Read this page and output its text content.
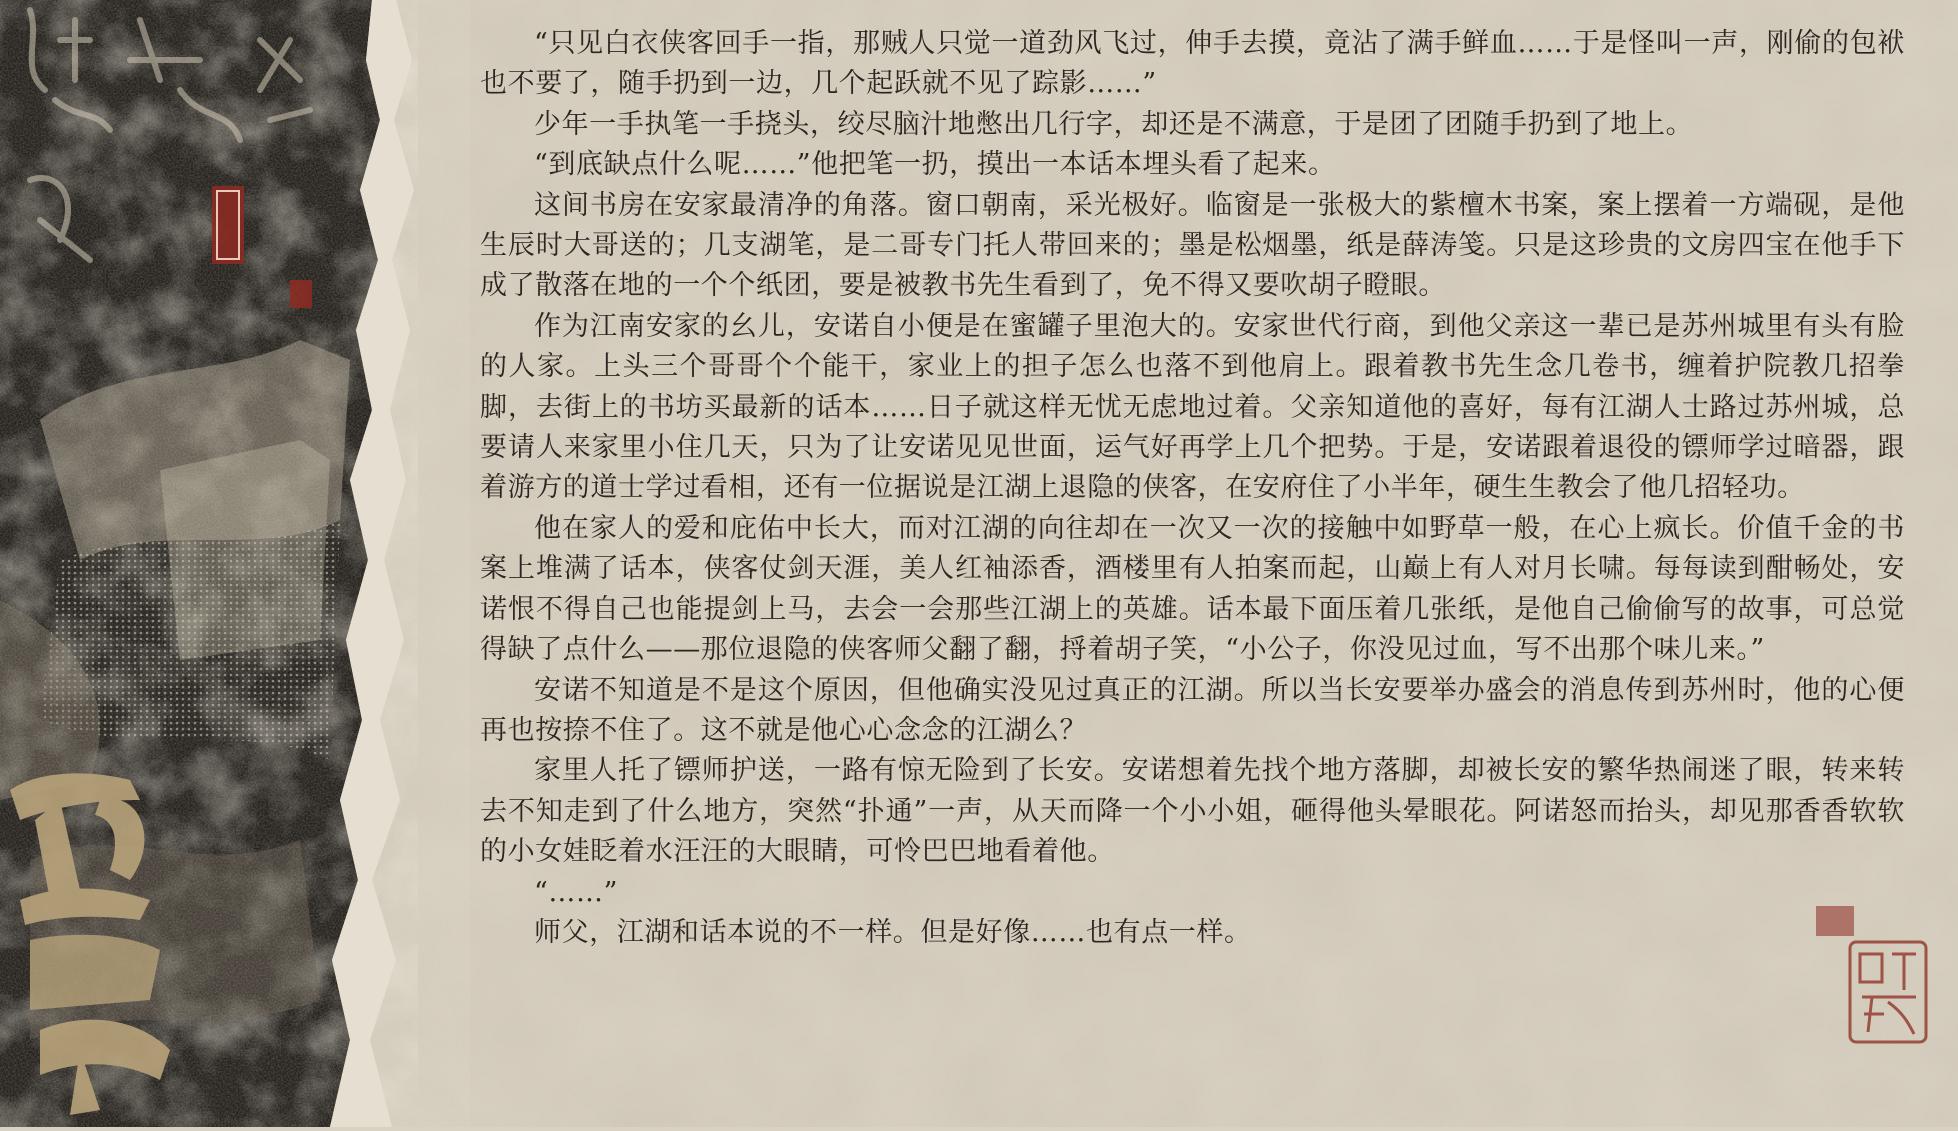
“只见白衣侠客回手一指，那贼人只觉一道劲风飞过，伸手去摸，竟沾了满手鲜血……于是怪叫一声，刚偷的包袱也不要了，随手扔到一边，几个起跃就不见了踪影……”

少年一手执笔一手挠头，绞尽脑汁地憋出几行字，却还是不满意，于是团了团随手扔到了地上。

“到底缺点什么呢……”他把笔一扔，摸出一本话本埋头看了起来。

这间书房在安家最清净的角落。窗口朝南，采光极好。临窗是一张极大的紫檀木书案，案上摆着一方端砚，是他生辰时大哥送的；几支湖笔，是二哥专门托人带回来的；墨是松烟墨，纸是薛涛笺。只是这珍贵的文房四宝在他手下成了散落在地的一个个纸团，要是被教书先生看到了，免不得又要吹胡子瞪眼。

作为江南安家的幺儿，安诺自小便是在蜜罐子里泡大的。安家世代行商，到他父亲这一辈已是苏州城里有头有脸的人家。上头三个哥哥个个能干，家业上的担子怎么也落不到他肩上。跟着教书先生念几卷书，缠着护院教几招拳脚，去街上的书坊买最新的话本……日子就这样无忧无虑地过着。父亲知道他的喜好，每有江湖人士路过苏州城，总要请人来家里小住几天，只为了让安诺见见世面，运气好再学上几个把势。于是，安诺跟着退役的镖师学过暗器，跟着游方的道士学过看相，还有一位据说是江湖上退隐的侠客，在安府住了小半年，硬生生教会了他几招轻功。

他在家人的爱和庇佑中长大，而对江湖的向往却在一次又一次的接触中如野草一般，在心上疯长。价值千金的书案上堆满了话本，侠客仗剑天涯，美人红袖添香，酒楼里有人拍案而起，山巅上有人对月长啸。每每读到酣畅处，安诺恨不得自己也能提剑上马，去会一会那些江湖上的英雄。话本最下面压着几张纸，是他自己偷偷写的故事，可总觉得缺了点什么——那位退隐的侠客师父翻了翻，捋着胡子笑，“小公子，你没见过血，写不出那个味儿来。”

安诺不知道是不是这个原因，但他确实没见过真正的江湖。所以当长安要举办盛会的消息传到苏州时，他的心便再也按捺不住了。这不就是他心心念念的江湖么？

家里人托了镖师护送，一路有惊无险到了长安。安诺想着先找个地方落脚，却被长安的繁华热闹迷了眼，转来转去不知走到了什么地方，突然“扑通”一声，从天而降一个小小姐，砸得他头晕眼花。阿诺怒而抬头，却见那香香软软的小女娃眨着水汪汪的大眼睛，可怜巴巴地看着他。

“……”

师父，江湖和话本说的不一样。但是好像……也有点一样。
